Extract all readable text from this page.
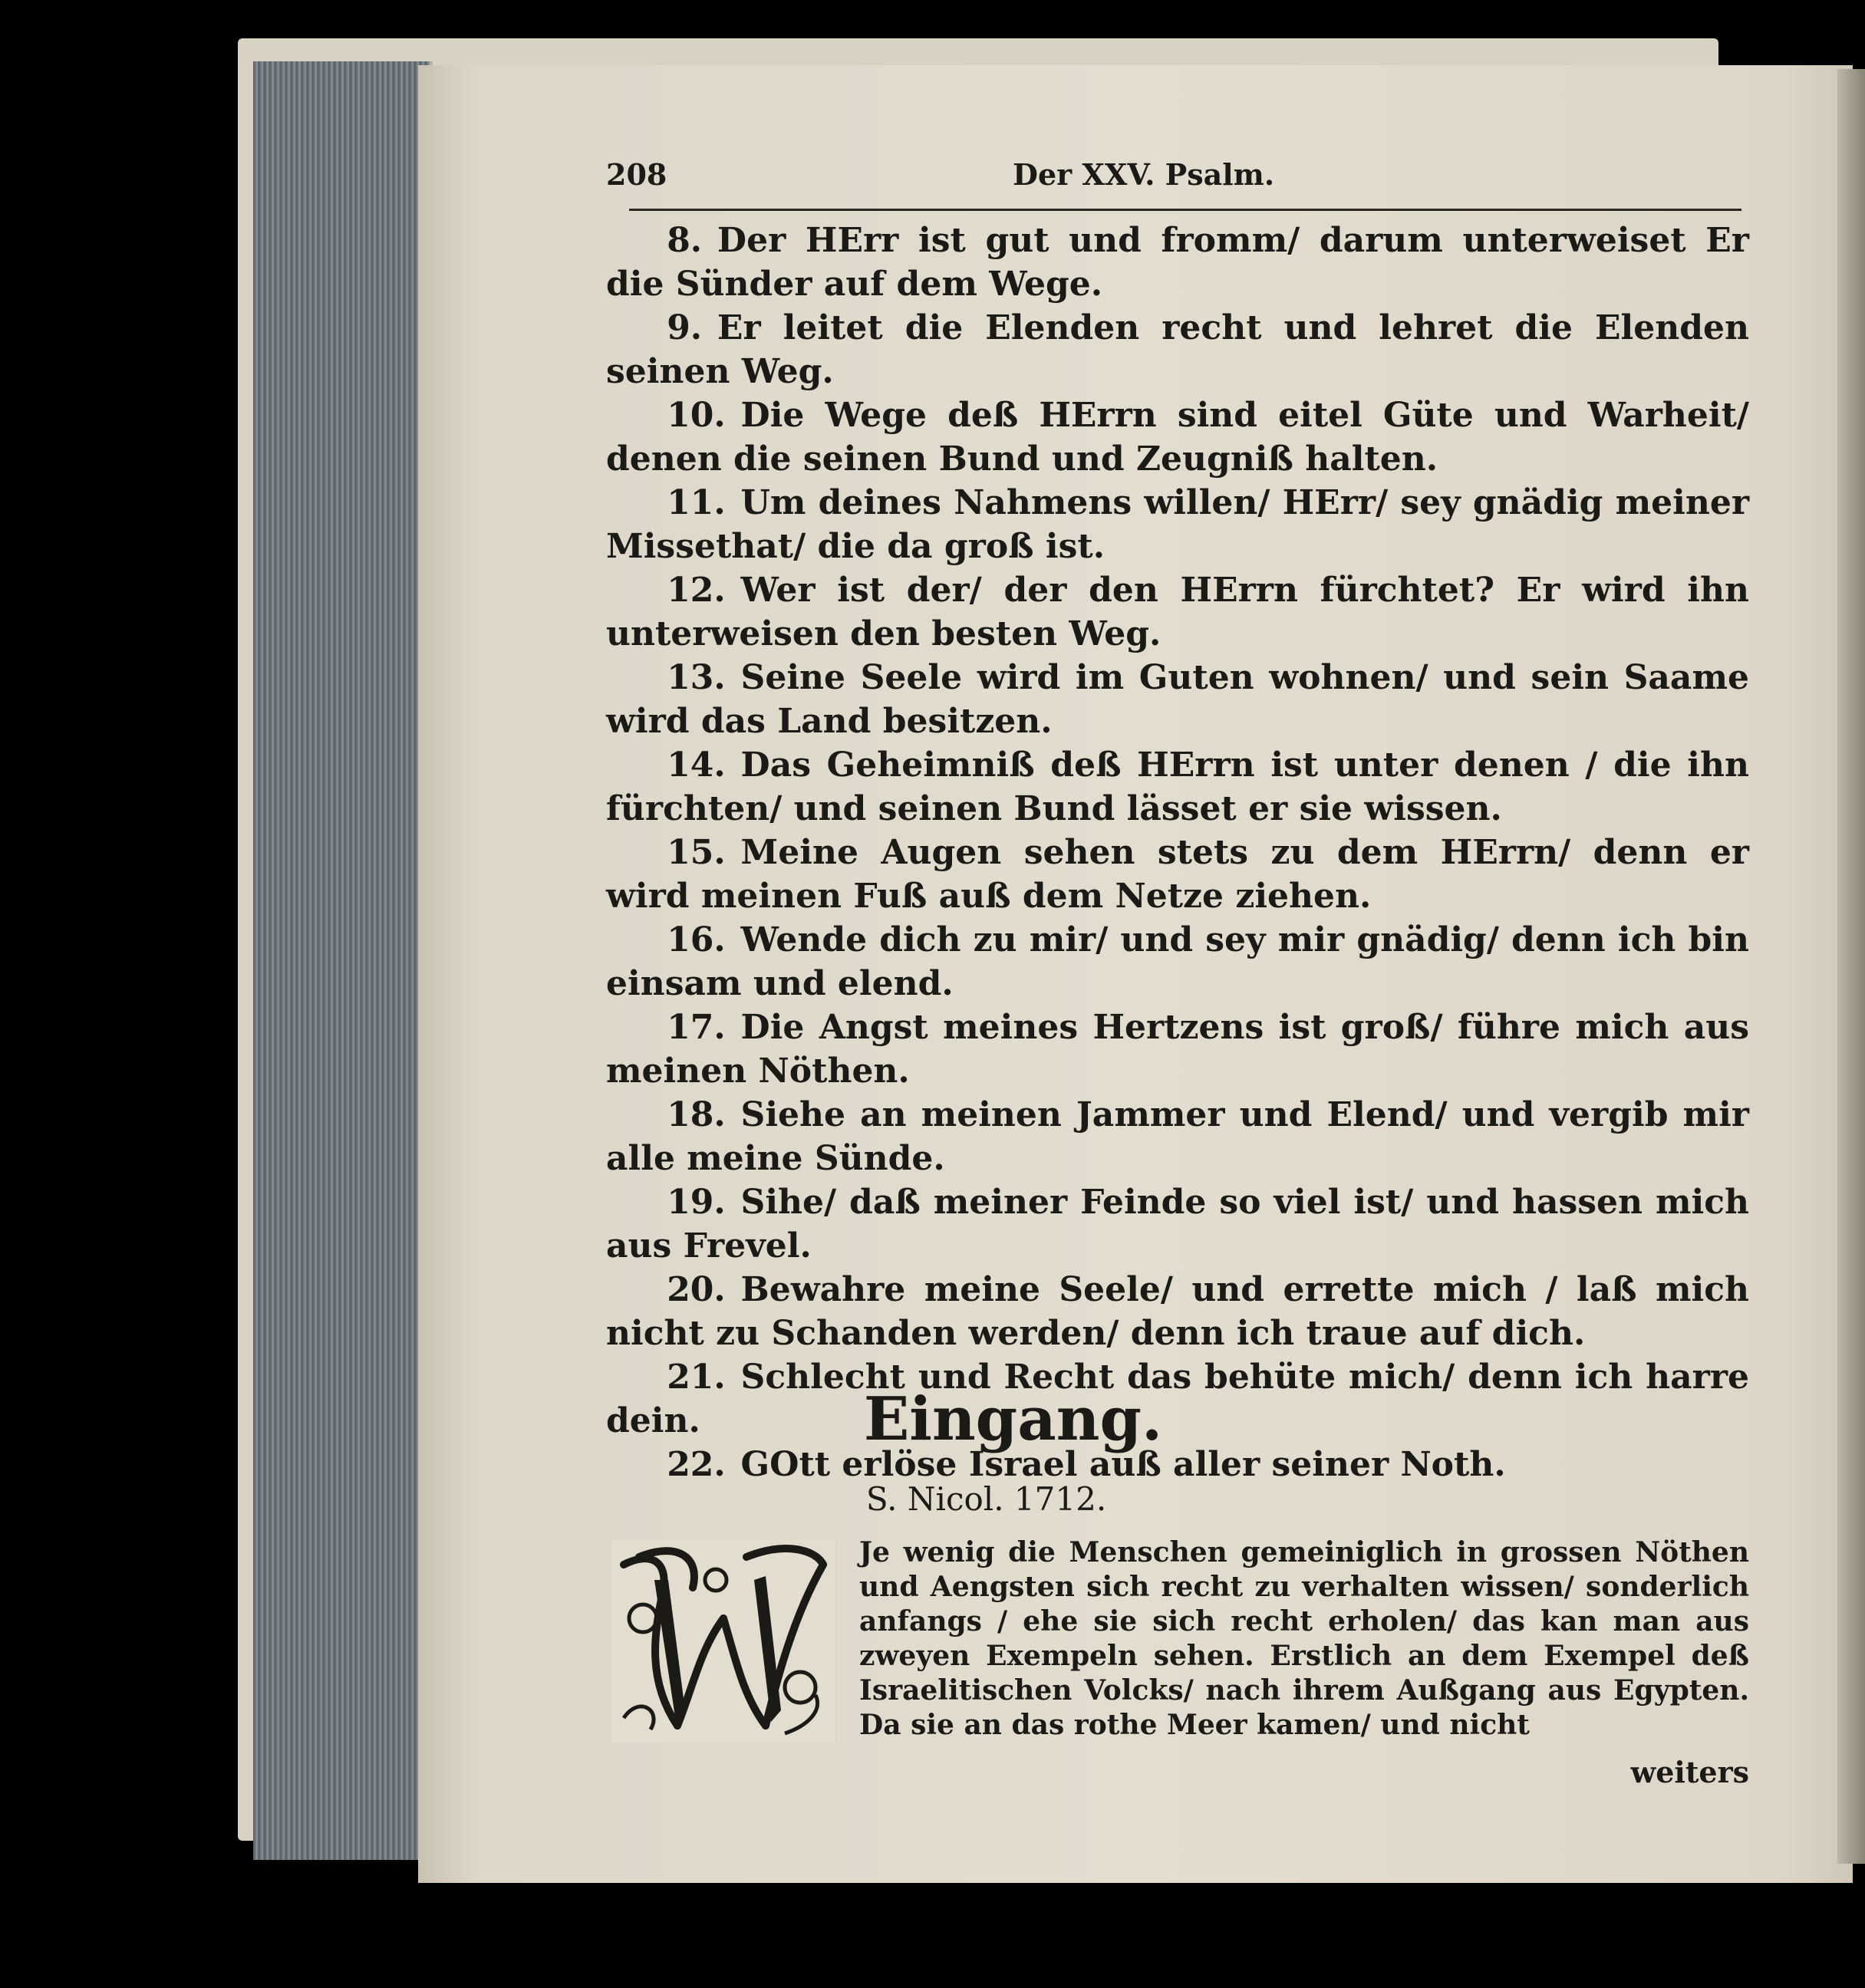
208	Der XXV. Psalm.

8. Der HErr ist gut und fromm/ darum unterweiset Er die Sünder auf dem Wege.

9. Er leitet die Elenden recht und lehret die Elenden seinen Weg.

10. Die Wege deß HErrn sind eitel Güte und Warheit/ denen die seinen Bund und Zeugniß halten.

11. Um deines Nahmens willen/ HErr/ sey gnädig meiner Missethat/ die da groß ist.

12. Wer ist der/ der den HErrn fürchtet? Er wird ihn unterweisen den besten Weg.

13. Seine Seele wird im Guten wohnen/ und sein Saame wird das Land besitzen.

14. Das Geheimniß deß HErrn ist unter denen / die ihn fürchten/ und seinen Bund lässet er sie wissen.

15. Meine Augen sehen stets zu dem HErrn/ denn er wird meinen Fuß auß dem Netze ziehen.

16. Wende dich zu mir/ und sey mir gnädig/ denn ich bin einsam und elend.

17. Die Angst meines Hertzens ist groß/ führe mich aus meinen Nöthen.

18. Siehe an meinen Jammer und Elend/ und vergib mir alle meine Sünde.

19. Sihe/ daß meiner Feinde so viel ist/ und hassen mich aus Frevel.

20. Bewahre meine Seele/ und errette mich / laß mich nicht zu Schanden werden/ denn ich traue auf dich.

21. Schlecht und Recht das behüte mich/ denn ich harre dein.

22. GOtt erlöse Israel auß aller seiner Noth.

Eingang.
S. Nicol. 1712.
W
Je wenig die Menschen gemeiniglich in grossen Nöthen und Aengsten sich recht zu verhalten wissen/ sonderlich anfangs / ehe sie sich recht erholen/ das kan man aus zweyen Exempeln sehen. Erstlich an dem Exempel deß Israelitischen Volcks/ nach ihrem Außgang aus Egypten. Da sie an das rothe Meer kamen/ und nicht
weiters
